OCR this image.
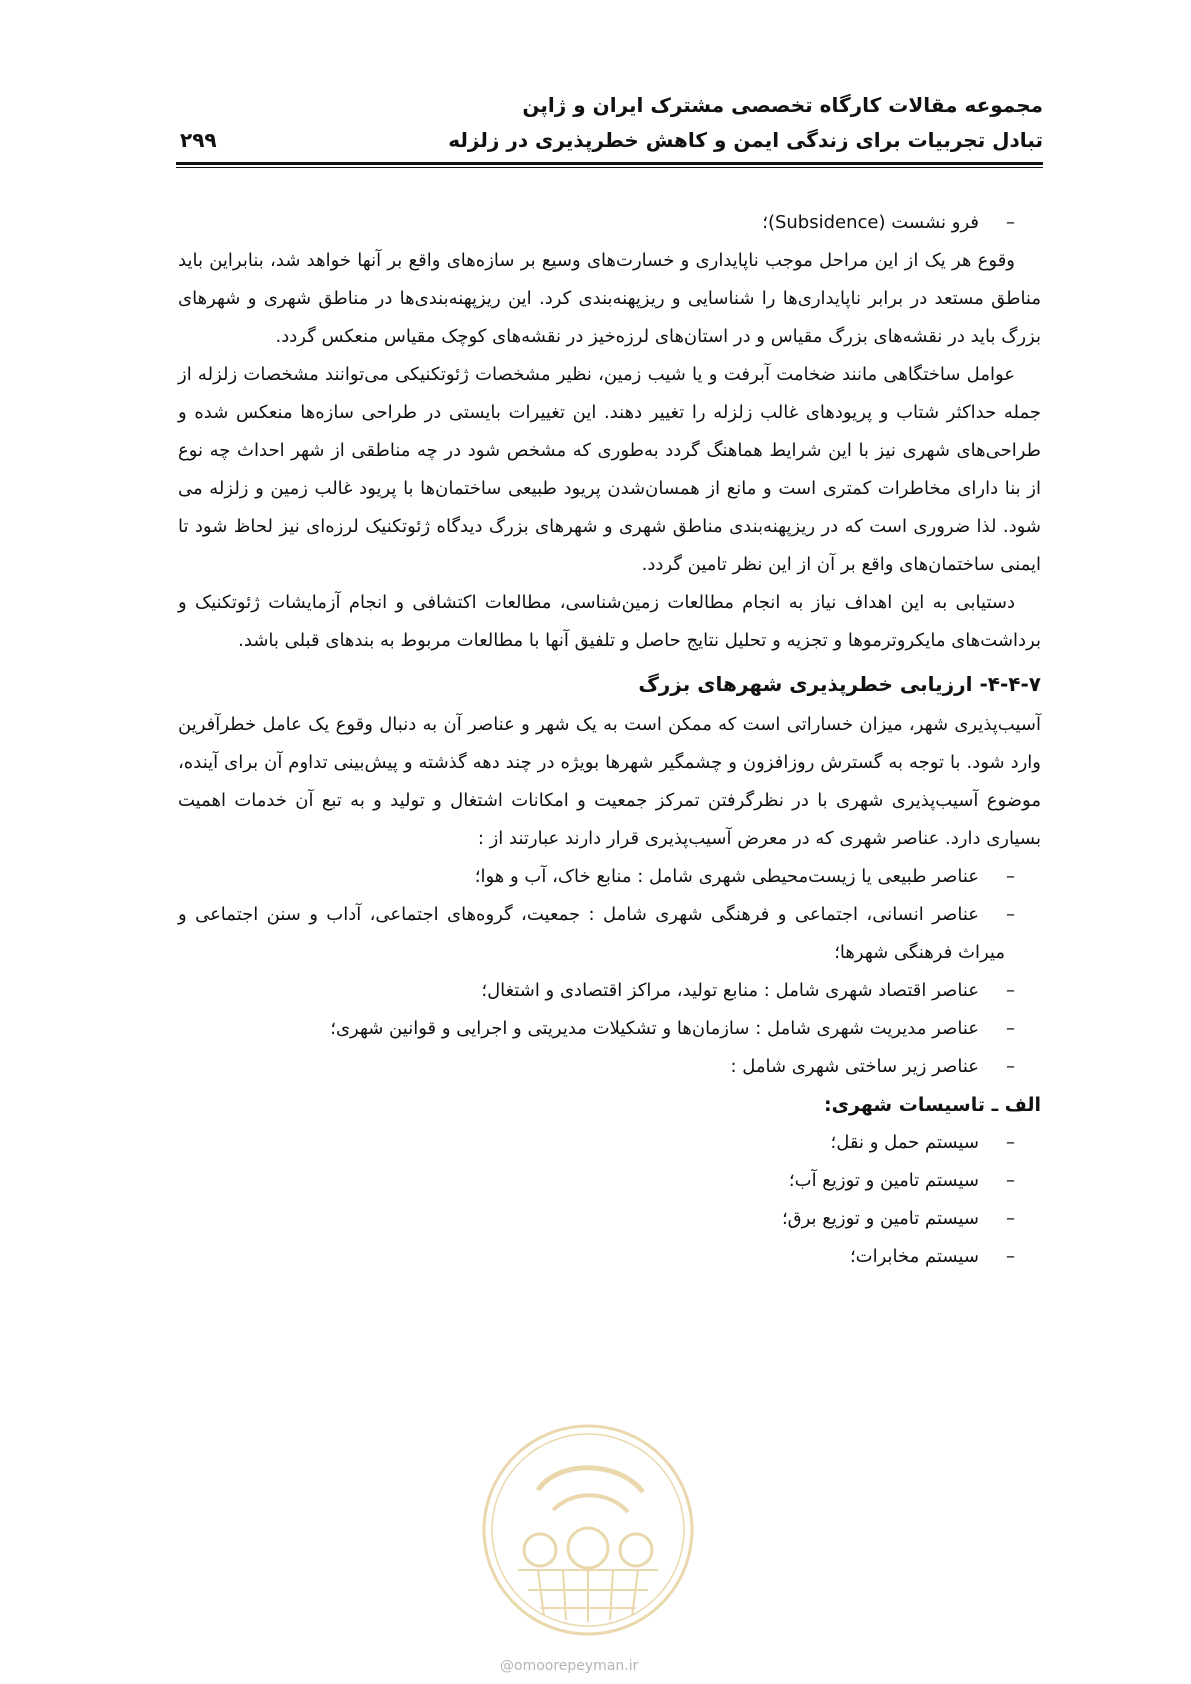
مجموعه مقالات کارگاه تخصصی مشترک ایران و ژاپن
تبادل تجربیات برای زندگی ایمن و کاهش خطرپذیری در زلزله
۲۹۹

–
فرو نشست (Subsidence)؛

وقوع هر یک از این مراحل موجب ناپایداری و خسارت‌های وسیع بر سازه‌های واقع بر آنها خواهد شد، بنابراین باید مناطق مستعد در برابر ناپایداری‌ها را شناسایی و ریزپهنه‌بندی کرد. این ریزپهنه‌بندی‌ها در مناطق شهری و شهرهای بزرگ باید در نقشه‌های بزرگ مقیاس و در استان‌های لرزه‌خیز در نقشه‌های کوچک مقیاس منعکس گردد.

عوامل ساختگاهی مانند ضخامت آبرفت و یا شیب زمین، نظیر مشخصات ژئوتکنیکی می‌توانند مشخصات زلزله از جمله حداکثر شتاب و پریودهای غالب زلزله را تغییر دهند. این تغییرات بایستی در طراحی سازه‌ها منعکس شده و طراحی‌های شهری نیز با این شرایط هماهنگ گردد به‌طوری که مشخص شود در چه مناطقی از شهر احداث چه نوع از بنا دارای مخاطرات کمتری است و مانع از همسان‌شدن پریود طبیعی ساختمان‌ها با پریود غالب زمین و زلزله می شود. لذا ضروری است که در ریزپهنه‌بندی مناطق شهری و شهرهای بزرگ دیدگاه ژئوتکنیک لرزه‌ای نیز لحاظ شود تا ایمنی ساختمان‌های واقع بر آن از این نظر تامین گردد.

دستیابی به این اهداف نیاز به انجام مطالعات زمین‌شناسی، مطالعات اکتشافی و انجام آزمایشات ژئوتکنیک و برداشت‌های مایکروترموها و تجزیه و تحلیل نتایج حاصل و تلفیق آنها با مطالعات مربوط به بندهای قبلی باشد.

۴-۴-۷- ارزیابی خطرپذیری شهرهای بزرگ

آسیب‌پذیری شهر، میزان خساراتی است که ممکن است به یک شهر و عناصر آن به دنبال وقوع یک عامل خطرآفرین وارد شود. با توجه به گسترش روزافزون و چشمگیر شهرها بویژه در چند دهه گذشته و پیش‌بینی تداوم آن برای آینده، موضوع آسیب‌پذیری شهری با در نظرگرفتن تمرکز جمعیت و امکانات اشتغال و تولید و به تبع آن خدمات اهمیت بسیاری دارد. عناصر شهری که در معرض آسیب‌پذیری قرار دارند عبارتند از :

–
عناصر طبیعی یا زیست‌محیطی شهری شامل : منابع خاک، آب و هوا؛

–
عناصر انسانی، اجتماعی و فرهنگی شهری شامل : جمعیت، گروه‌های اجتماعی، آداب و سنن اجتماعی و میراث فرهنگی شهرها؛

–
عناصر اقتصاد شهری شامل : منابع تولید، مراکز اقتصادی و اشتغال؛

–
عناصر مدیریت شهری شامل : سازمان‌ها و تشکیلات مدیریتی و اجرایی و قوانین شهری؛

–
عناصر زیر ساختی شهری شامل :

الف ـ تاسیسات شهری:

–
سیستم حمل و نقل؛

–
سیستم تامین و توزیع آب؛

–
سیستم تامین و توزیع برق؛

–
سیستم مخابرات؛

@omoorepeyman.ir
